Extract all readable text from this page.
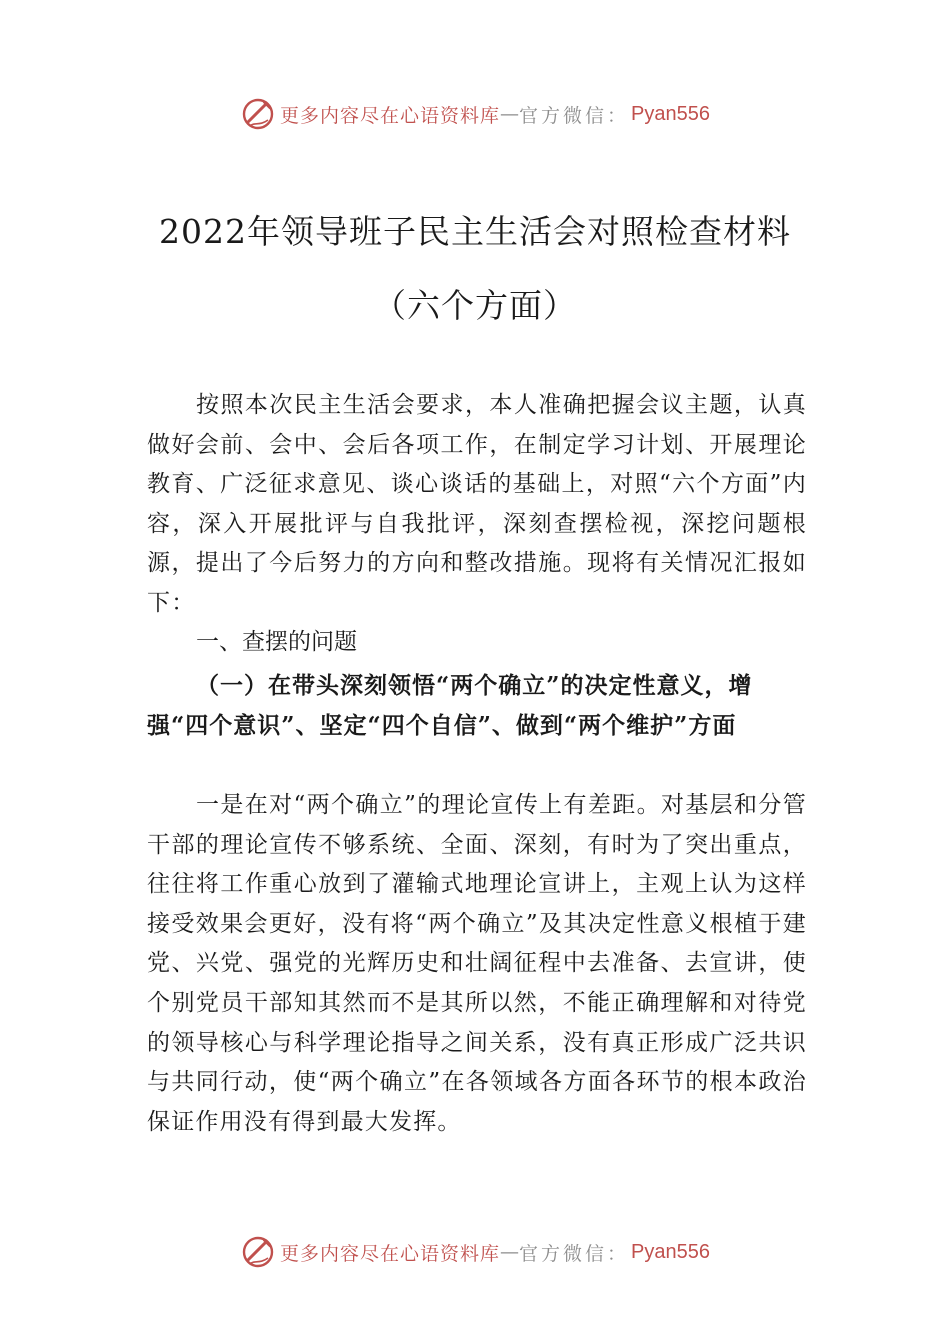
更多内容尽在心语资料库 — 官方微信： Pyan556
2022年领导班子民主生活会对照检查材料
（六个方面）
按照本次民主生活会要求，本人准确把握会议主题，认真做好会前、会中、会后各项工作，在制定学习计划、开展理论教育、广泛征求意见、谈心谈话的基础上，对照“六个方面”内容，深入开展批评与自我批评，深刻查摆检视，深挖问题根源，提出了今后努力的方向和整改措施。现将有关情况汇报如下：
一、查摆的问题
（一）在带头深刻领悟“两个确立”的决定性意义，增强“四个意识”、坚定“四个自信”、做到“两个维护”方面
一是在对“两个确立”的理论宣传上有差距。对基层和分管干部的理论宣传不够系统、全面、深刻，有时为了突出重点，往往将工作重心放到了灌输式地理论宣讲上，主观上认为这样接受效果会更好，没有将“两个确立”及其决定性意义根植于建党、兴党、强党的光辉历史和壮阔征程中去准备、去宣讲，使个别党员干部知其然而不是其所以然，不能正确理解和对待党的领导核心与科学理论指导之间关系，没有真正形成广泛共识与共同行动，使“两个确立”在各领域各方面各环节的根本政治保证作用没有得到最大发挥。
更多内容尽在心语资料库 — 官方微信： Pyan556
